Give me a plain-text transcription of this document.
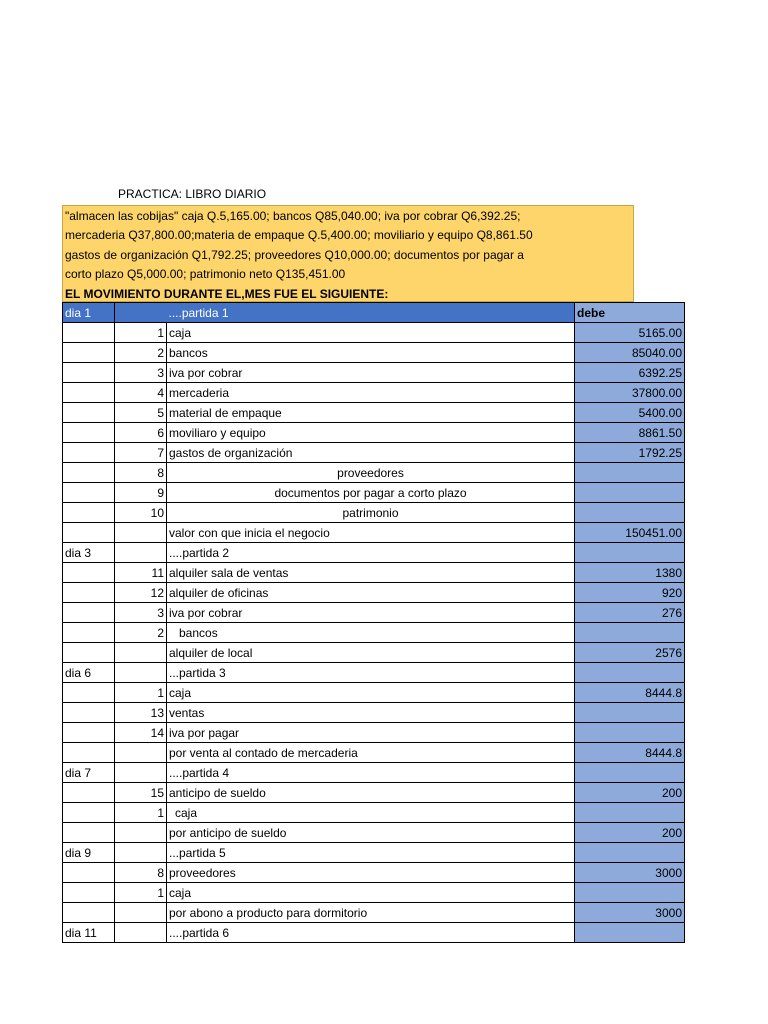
PRACTICA: LIBRO DIARIO
"almacen las cobijas" caja Q.5,165.00; bancos Q85,040.00; iva por cobrar Q6,392.25;
mercaderia Q37,800.00;materia de empaque Q.5,400.00; moviliario y equipo Q8,861.50
gastos de organización Q1,792.25; proveedores Q10,000.00; documentos por pagar a
corto plazo Q5,000.00; patrimonio neto Q135,451.00
EL MOVIMIENTO DURANTE EL,MES FUE EL SIGUIENTE:
dia 1		....partida 1	debe
	1	caja	5165.00
	2	bancos	85040.00
	3	iva por cobrar	6392.25
	4	mercaderia	37800.00
	5	material de empaque	5400.00
	6	moviliaro y equipo	8861.50
	7	gastos de organización	1792.25
	8	proveedores	
	9	documentos por pagar a corto plazo	
	10	patrimonio	
		valor con que inicia el negocio	150451.00
dia 3		....partida 2	
	11	alquiler sala de ventas	1380
	12	alquiler de oficinas	920
	3	iva por cobrar	276
	2	bancos	
		alquiler de local	2576
dia 6		...partida 3	
	1	caja	8444.8
	13	ventas	
	14	iva por pagar	
		por venta al contado de mercaderia	8444.8
dia 7		....partida 4	
	15	anticipo de sueldo	200
	1	caja	
		por anticipo de sueldo	200
dia 9		...partida 5	
	8	proveedores	3000
	1	caja	
		por abono a producto para dormitorio	3000
dia 11		....partida 6	
